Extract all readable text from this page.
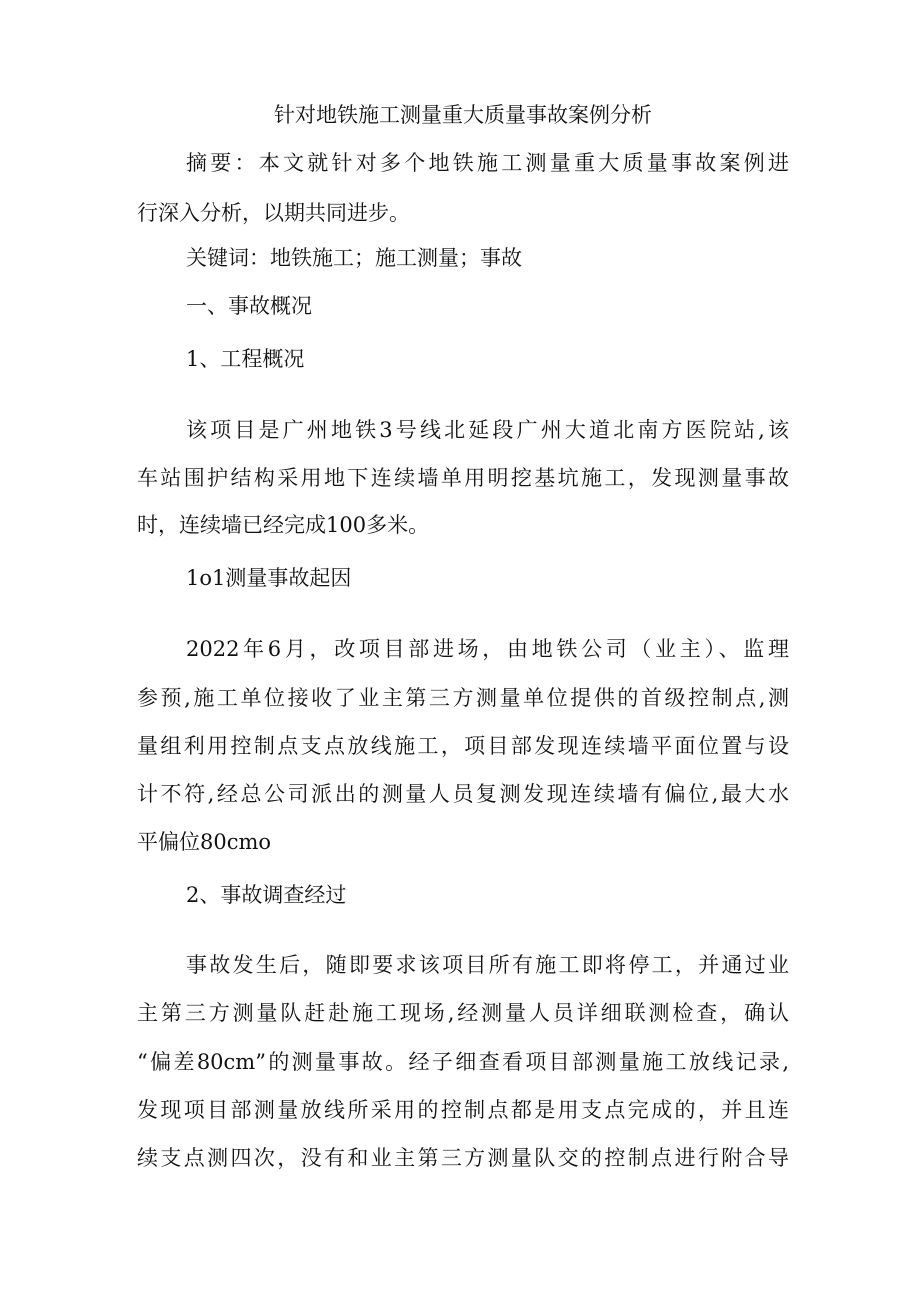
针对地铁施工测量重大质量事故案例分析
摘要：本文就针对多个地铁施工测量重大质量事故案例进
行深入分析，以期共同进步。
关键词：地铁施工；施工测量；事故
一、事故概况
1、工程概况
该项目是广州地铁3号线北延段广州大道北南方医院站,该
车站围护结构采用地下连续墙单用明挖基坑施工，发现测量事故
时，连续墙已经完成100多米。
1o1测量事故起因
2022年6月，改项目部进场，由地铁公司（业主）、监理
参预,施工单位接收了业主第三方测量单位提供的首级控制点,测
量组利用控制点支点放线施工，项目部发现连续墙平面位置与设
计不符,经总公司派出的测量人员复测发现连续墙有偏位,最大水
平偏位80cmo
2、事故调查经过
事故发生后，随即要求该项目所有施工即将停工，并通过业
主第三方测量队赶赴施工现场,经测量人员详细联测检查，确认
“偏差80cm”的测量事故。经子细查看项目部测量施工放线记录,
发现项目部测量放线所采用的控制点都是用支点完成的，并且连
续支点测四次，没有和业主第三方测量队交的控制点进行附合导
